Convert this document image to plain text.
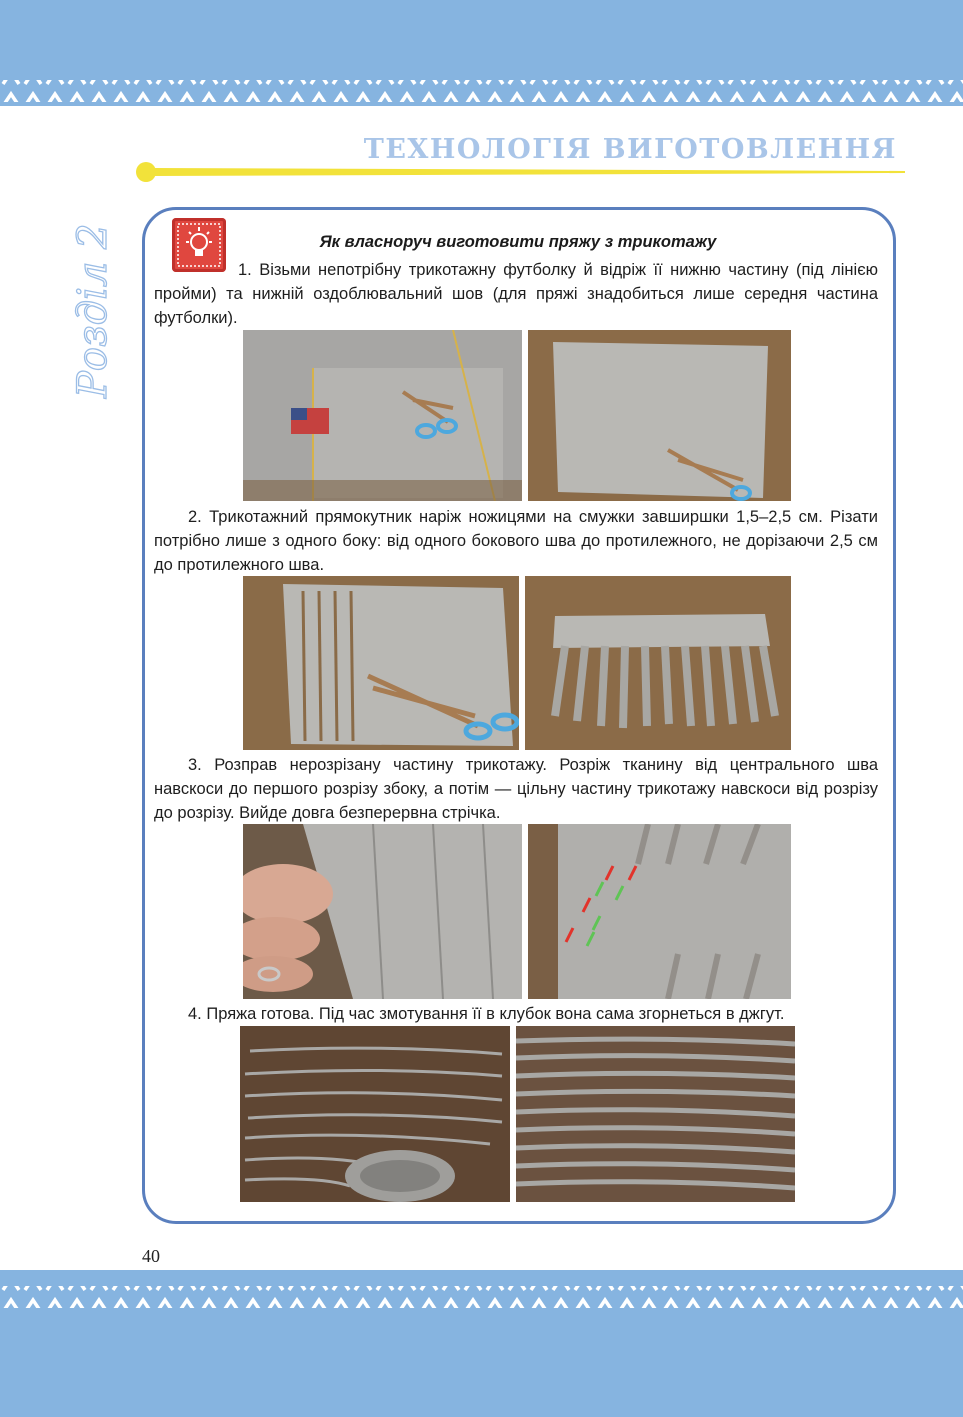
ТЕХНОЛОГІЯ ВИГОТОВЛЕННЯ
Розділ 2	Як власноруч виготовити пряжу з трикотажу
1. Візьми непотрібну трикотажну футболку й відріж її нижню частину (під лінією пройми) та нижній оздоблювальний шов (для пряжі знадобиться лише середня частина футболки).
2. Трикотажний прямокутник наріж ножицями на смужки завширшки 1,5–2,5 см. Різати потрібно лише з одного боку: від одного бокового шва до протилежного, не дорізаючи 2,5 см до протилежного шва.
3. Розправ нерозрізану частину трикотажу. Розріж тканину від центрального шва навскоси до першого розрізу збоку, а потім — цільну частину трикотажу навскоси від розрізу до розрізу. Вийде довга безперервна стрічка.
4. Пряжа готова. Під час змотування її в клубок вона сама згорнеться в джгут.
40
